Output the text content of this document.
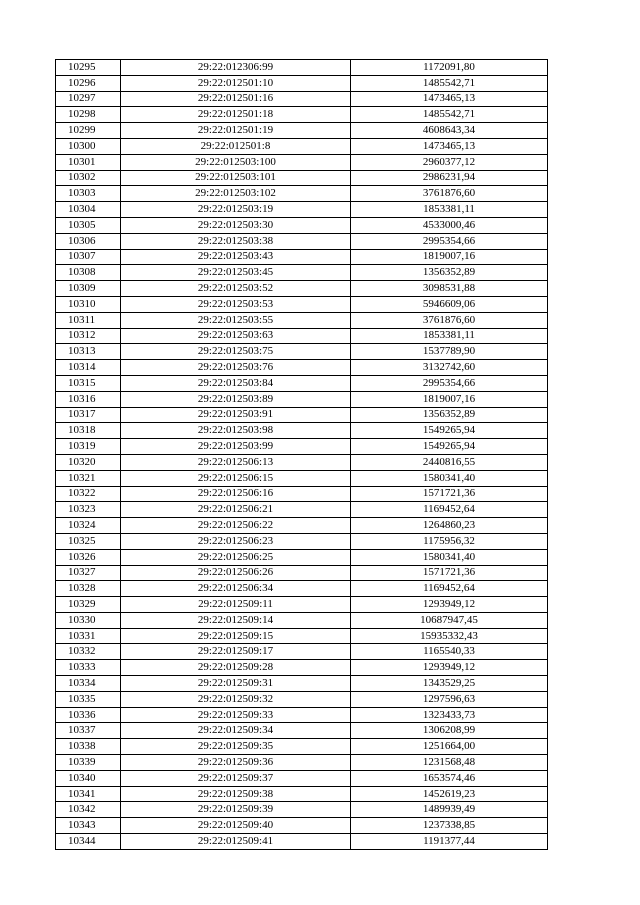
10295	29:22:012306:99	1172091,80
10296	29:22:012501:10	1485542,71
10297	29:22:012501:16	1473465,13
10298	29:22:012501:18	1485542,71
10299	29:22:012501:19	4608643,34
10300	29:22:012501:8	1473465,13
10301	29:22:012503:100	2960377,12
10302	29:22:012503:101	2986231,94
10303	29:22:012503:102	3761876,60
10304	29:22:012503:19	1853381,11
10305	29:22:012503:30	4533000,46
10306	29:22:012503:38	2995354,66
10307	29:22:012503:43	1819007,16
10308	29:22:012503:45	1356352,89
10309	29:22:012503:52	3098531,88
10310	29:22:012503:53	5946609,06
10311	29:22:012503:55	3761876,60
10312	29:22:012503:63	1853381,11
10313	29:22:012503:75	1537789,90
10314	29:22:012503:76	3132742,60
10315	29:22:012503:84	2995354,66
10316	29:22:012503:89	1819007,16
10317	29:22:012503:91	1356352,89
10318	29:22:012503:98	1549265,94
10319	29:22:012503:99	1549265,94
10320	29:22:012506:13	2440816,55
10321	29:22:012506:15	1580341,40
10322	29:22:012506:16	1571721,36
10323	29:22:012506:21	1169452,64
10324	29:22:012506:22	1264860,23
10325	29:22:012506:23	1175956,32
10326	29:22:012506:25	1580341,40
10327	29:22:012506:26	1571721,36
10328	29:22:012506:34	1169452,64
10329	29:22:012509:11	1293949,12
10330	29:22:012509:14	10687947,45
10331	29:22:012509:15	15935332,43
10332	29:22:012509:17	1165540,33
10333	29:22:012509:28	1293949,12
10334	29:22:012509:31	1343529,25
10335	29:22:012509:32	1297596,63
10336	29:22:012509:33	1323433,73
10337	29:22:012509:34	1306208,99
10338	29:22:012509:35	1251664,00
10339	29:22:012509:36	1231568,48
10340	29:22:012509:37	1653574,46
10341	29:22:012509:38	1452619,23
10342	29:22:012509:39	1489939,49
10343	29:22:012509:40	1237338,85
10344	29:22:012509:41	1191377,44
